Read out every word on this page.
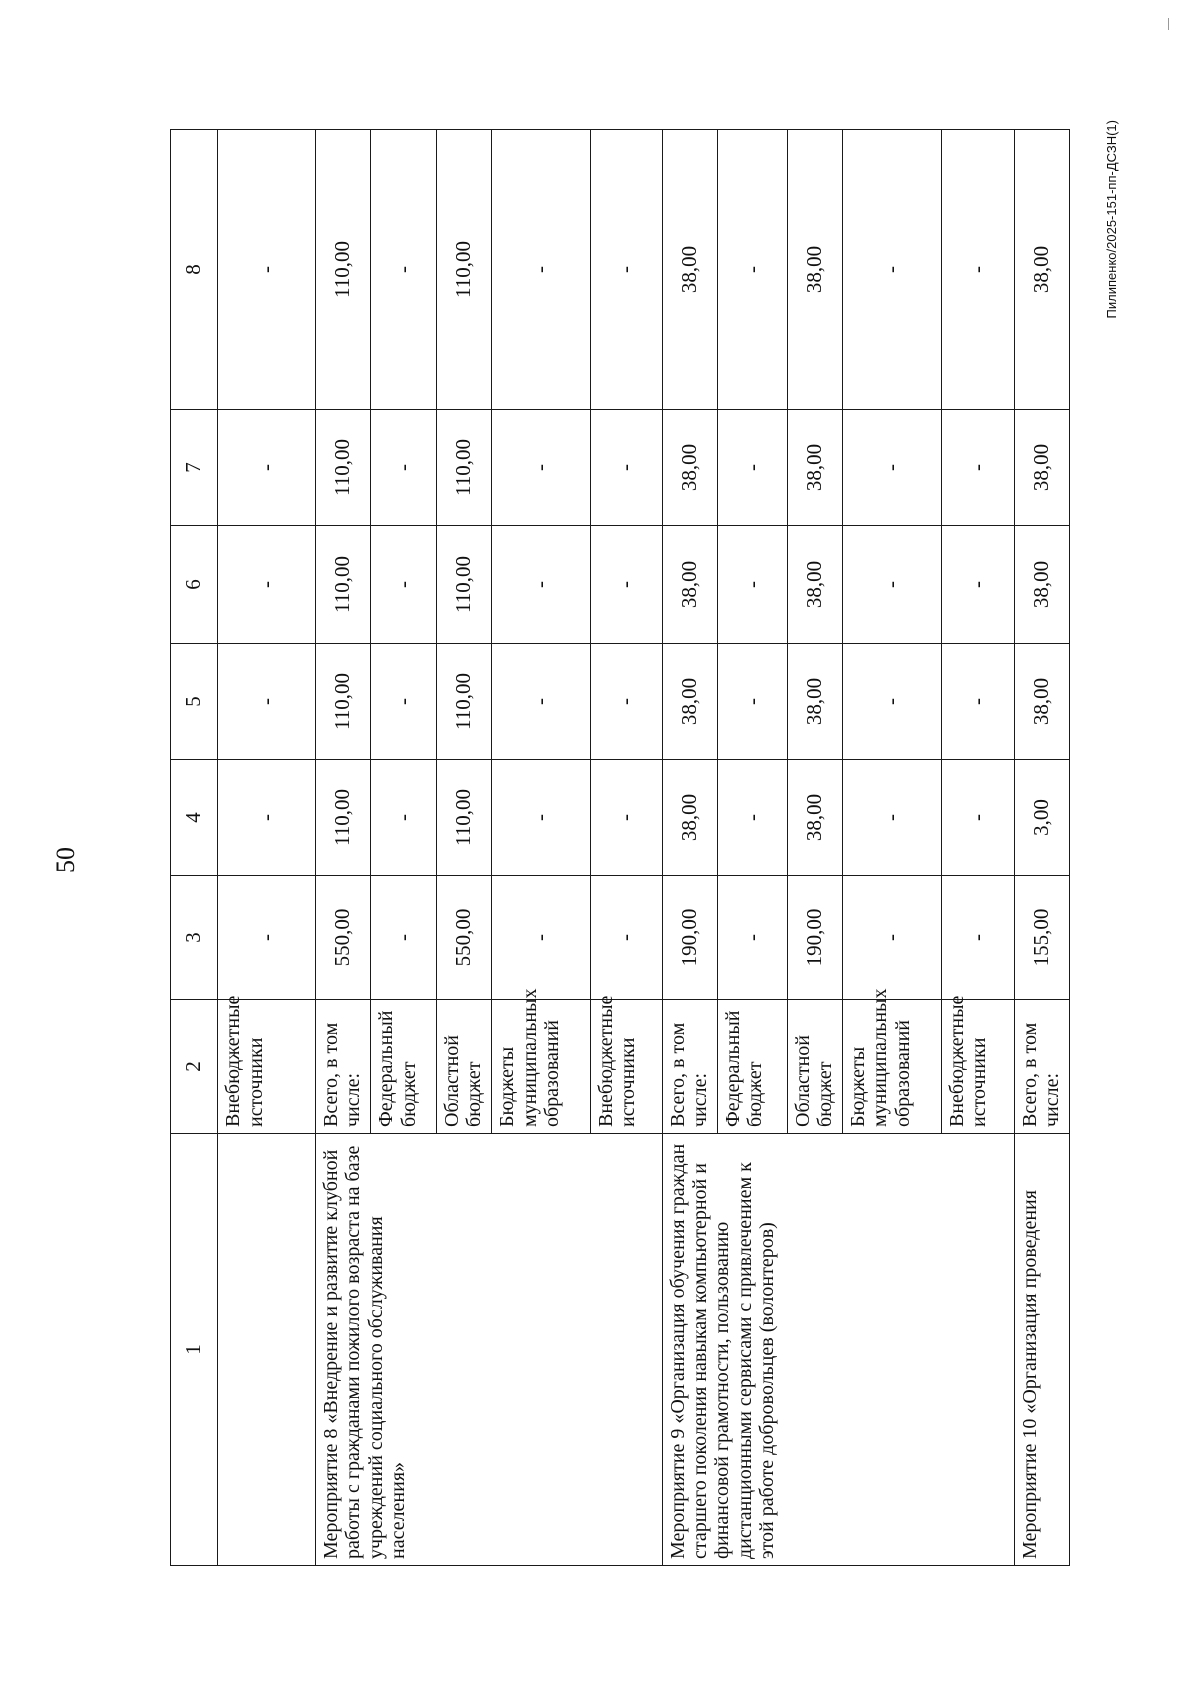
50
1	2	3	4	5	6	7	8
	Внебюджетные источники	-	-	-	-	-	-
Мероприятие 8 «Внедрение и развитие клубной работы с гражданами пожилого возраста на базе учреждений социального обслуживания населения»	Всего, в том числе:	550,00	110,00	110,00	110,00	110,00	110,00
	Федеральный бюджет	-	-	-	-	-	-
	Областной бюджет	550,00	110,00	110,00	110,00	110,00	110,00
	Бюджеты муниципальных образований	-	-	-	-	-	-
	Внебюджетные источники	-	-	-	-	-	-
Мероприятие 9 «Организация обучения граждан старшего поколения навыкам компьютерной и финансовой грамотности, пользованию дистанционными сервисами с привлечением к этой работе добровольцев (волонтеров)	Всего, в том числе:	190,00	38,00	38,00	38,00	38,00	38,00
	Федеральный бюджет	-	-	-	-	-	-
	Областной бюджет	190,00	38,00	38,00	38,00	38,00	38,00
	Бюджеты муниципальных образований	-	-	-	-	-	-
	Внебюджетные источники	-	-	-	-	-	-
Мероприятие 10 «Организация проведения	Всего, в том числе:	155,00	3,00	38,00	38,00	38,00	38,00	Пилипенко/2025-151-пп-ДСЗН(1)
